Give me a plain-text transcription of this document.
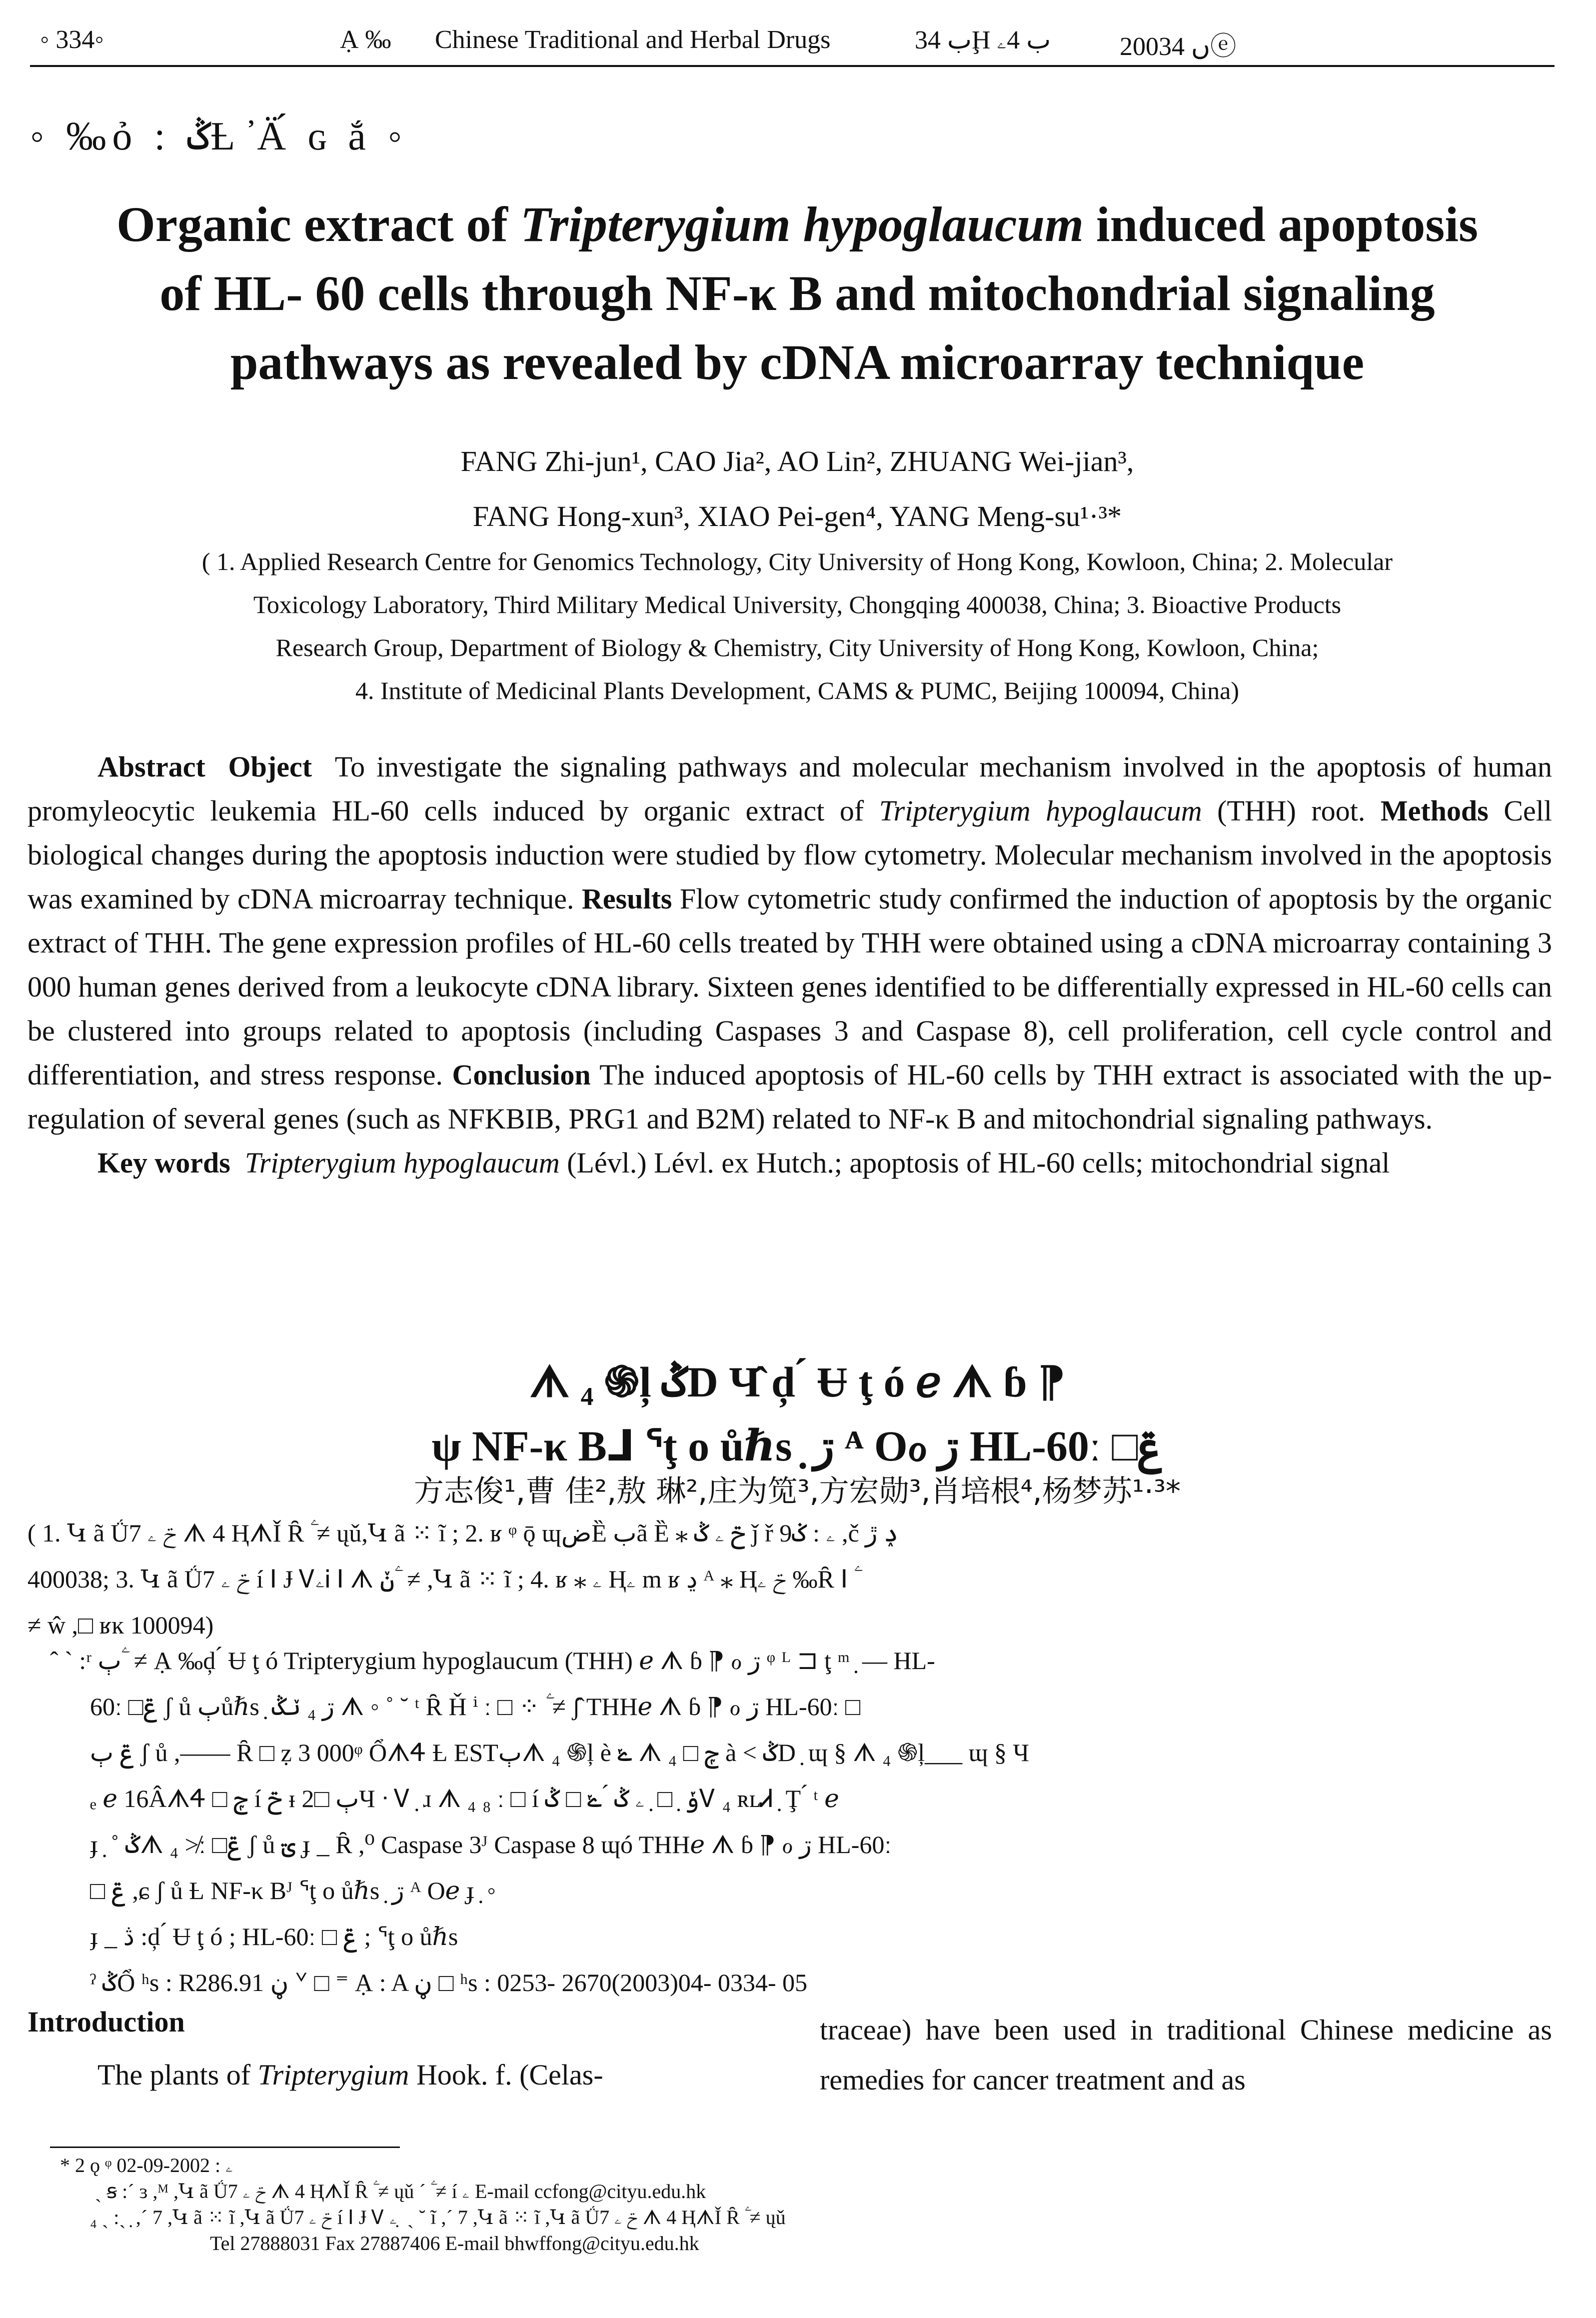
◦ 334◦	Ạ ‰ Chinese Traditional and Herbal Drugs	ب 34Ḩ ب 4ۦ	2003ں 4ⓔ
◦ ‰ỏ : ݣȽ ̓Ä́ ɢ ắ ◦
Organic extract of Tripterygium hypoglaucum induced apoptosis
of HL- 60 cells through NF-κ B and mitochondrial signaling
pathways as revealed by cDNA microarray technique
FANG Zhi-jun¹, CAO Jia², AO Lin², ZHUANG Wei-jian³,
FANG Hong-xun³, XIAO Pei-gen⁴, YANG Meng-su¹·³*
( 1. Applied Research Centre for Genomics Technology, City University of Hong Kong, Kowloon, China; 2. Molecular
Toxicology Laboratory, Third Military Medical University, Chongqing 400038, China; 3. Bioactive Products
Research Group, Department of Biology & Chemistry, City University of Hong Kong, Kowloon, China;
4. Institute of Medicinal Plants Development, CAMS & PUMC, Beijing 100094, China)

Abstract Object To investigate the signaling pathways and molecular mechanism involved in the apoptosis of human promyleocytic leukemia HL-60 cells induced by organic extract of Tripterygium hypoglaucum (THH) root. Methods Cell biological changes during the apoptosis induction were studied by flow cytometry. Molecular mechanism involved in the apoptosis was examined by cDNA microarray technique. Results Flow cytometric study confirmed the induction of apoptosis by the organic extract of THH. The gene expression profiles of HL-60 cells treated by THH were obtained using a cDNA microarray containing 3 000 human genes derived from a leukocyte cDNA library. Sixteen genes identified to be differentially expressed in HL-60 cells can be clustered into groups related to apoptosis (including Caspases 3 and Caspase 8), cell proliferation, cell cycle control and differentiation, and stress response. Conclusion The induced apoptosis of HL-60 cells by THH extract is associated with the up-regulation of several genes (such as NFKBIB, PRG1 and B2M) related to NF-κ B and mitochondrial signaling pathways.

Key words Tripterygium hypoglaucum (Lévl.) Lévl. ex Hutch.; apoptosis of HL-60 cells; mitochondrial signal

ᗑ ₄ ֍ļ ݣD Ч̂ ḑ ́ Ʉ ţ ó ℯ ᗑ ɓ ⁋
ψ NF-κ B⅃ ᕐţ ο ůℏs ̣ ڗ ᴬ Oℴ ڗ HL-60ː □ݝ
方志俊¹,曹 佳²,敖 琳²,庄为笕³,方宏勋³,肖培根⁴,杨梦苏¹·³*
( 1. Կ ã Ǘ7 ݗ ۦ ᗑ 4 ⱧᗑǏ Ȓ ۧ ≠ ųǔ,Կ ã ⁙ ĩ ; 2. ʁ ᵠ ǭ ɰضȄ بã Ȅ ⁎ ݗ ۦ ݣ ǰ ř ۦ : ݢ9 ,č ݚ ڙ
400038; 3. Կ ã Ǘ7 ݗ ۦ í ⵏ Ɉ ᏙۦᎥ ⵏ ᗑ ݩ ۧ ≠ ,Կ ã ⁙ ĩ ; 4. ʁ ⁎ ۦ Ⱨۦ m ʁ ڍ ᴬ ⁎ Ⱨݗ ۦ ‰Ȓ ⵏ ۧ
≠ ŵ ,□ ʁĸ 100094)
ˆ ˋ :ʳ ٻ ۧ ≠ Ạ ‰ḑ ́ Ʉ ţ ó Tripterygium hypoglaucum (THH) ℯ ᗑ ɓ ⁋ ℴ ڗ ᵠ ᴸ ⊐ ţ ᵐ ̣ — HL-
60ː □ݝ ʃ ů ٻůℏs ̣ ڗ ₄ ݖݣ ᗑ ◦ ˚ ˘ ᵗ Ȓ Ȟ ⁱ ː □ ⁘ ۧ ≠ ʃ̂ THHℯ ᗑ ɓ ⁋ ℴ ڗ HL-60ː □
ݝ ٻ ʃ ů ,—— Ȓ □ ẓ 3 000ᵠ ỔᗑᏎ Ƚ ESTٻᗑ ₄ ֍ļ è ݺ ᗑ ₄ □ ݼ à ˂ ݣD ̣ ɰ § ᗑ ₄ ֍ļ___ ɰ § Ч
ₑ ℯ 16ÂᗑᏎ □ ݼ í ݗ ᵻ 2□ ٻЧ ᐧ Ꮩ ̣ ɹ ᗑ ₄ ₈ ː □ í ݸ ̣ □ ̣ ۦ ݣ ́ ݺ □ ݣᏙ ₄ ʀʟᏗ ̣ Ţ ́ ᵗ ℯ
ɟ ̣ ˚ ݣᗑ ₄ ≯ː □ݝ ʃ ů ؾ ɟ _ Ȓ ,⁰ Caspase 3ᴶ Caspase 8 ɰó THHℯ ᗑ ɓ ⁋ ℴ ڗ HL-60ː
□ ݝ ,ɕ ʃ ů Ƚ NF-κ Bᴶ ᕐţ ο ůℏs ̣ ڗ ᴬ Oℯ ɟ ̣ ◦
ɟ _ ڎ :ḑ ́ Ʉ ţ ó ; HL-60ː □ ݝ ; ᕐţ ο ůℏs
ˀ ݣỔ ʰs : R286.91 ڼ ᘁ □ ⁼ Ạ : A ڼ □ ʰs : 0253- 2670(2003)04- 0334- 05
Introduction
The plants of Tripterygium Hook. f. (Celas-
traceae) have been used in traditional Chinese medicine as remedies for cancer treatment and as
* 2 ǫ ᵠ ۦ : 2002-09-02
ˎ ꞩ :ˊ ɜ ,ᴹ ,Կ ã Ǘ7 ݗ ۦ ᗑ 4 ⱧᗑǏ Ȓ ۧ ≠ ųǔ ˊ ۧ ≠ í ۦ E-mail ccfong@cityu.edu.hk
₄ ˏ :ˎ ̣ ,ˊ 7 ,Կ ã ⁙ ĩ ,Կ ã Ǘ7 ݗ ۦ í ⵏ Ɉ Ꮩ ۦ ̣ ˎ ˘ ĩ ,ˊ 7 ,Կ ã ⁙ ĩ ,Կ ã Ǘ7 ݗ ۦ ᗑ 4 ⱧᗑǏ Ȓ ۧ ≠ ųǔ
Tel 27888031 Fax 27887406 E-mail bhwffong@cityu.edu.hk
